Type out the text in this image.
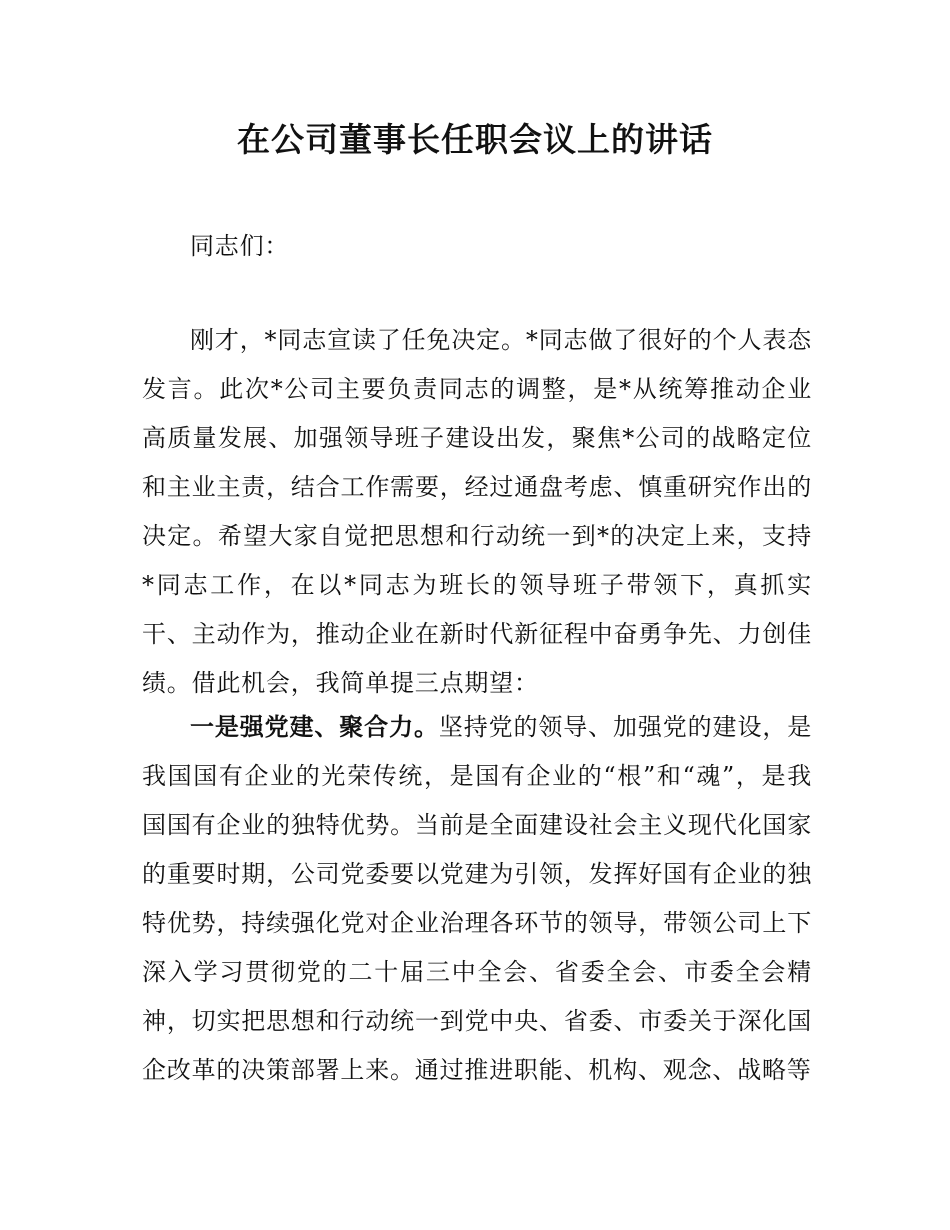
在公司董事长任职会议上的讲话

同志们：

刚才，*同志宣读了任免决定。*同志做了很好的个人表态发言。此次*公司主要负责同志的调整，是*从统筹推动企业高质量发展、加强领导班子建设出发，聚焦*公司的战略定位和主业主责，结合工作需要，经过通盘考虑、慎重研究作出的决定。希望大家自觉把思想和行动统一到*的决定上来，支持*同志工作，在以*同志为班长的领导班子带领下，真抓实干、主动作为，推动企业在新时代新征程中奋勇争先、力创佳绩。借此机会，我简单提三点期望：

一是强党建、聚合力。坚持党的领导、加强党的建设，是我国国有企业的光荣传统，是国有企业的“根”和“魂”，是我国国有企业的独特优势。当前是全面建设社会主义现代化国家的重要时期，公司党委要以党建为引领，发挥好国有企业的独特优势，持续强化党对企业治理各环节的领导，带领公司上下深入学习贯彻党的二十届三中全会、省委全会、市委全会精神，切实把思想和行动统一到党中央、省委、市委关于深化国企改革的决策部署上来。通过推进职能、机构、观念、战略等
